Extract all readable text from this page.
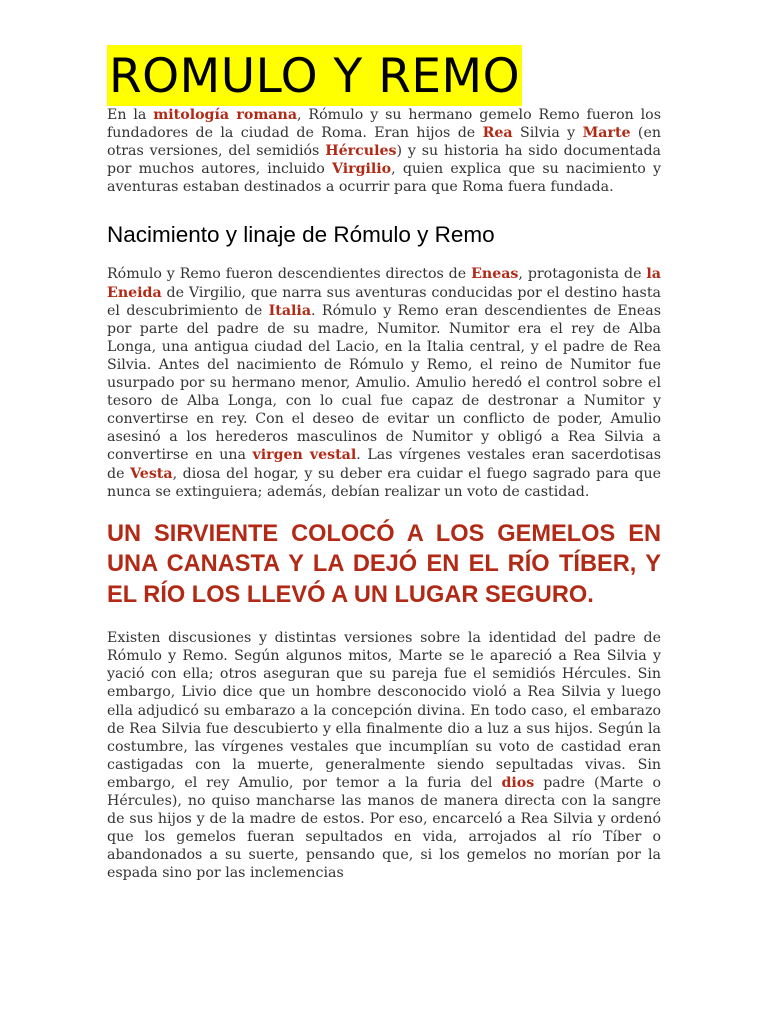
ROMULO Y REMO

En la mitología romana, Rómulo y su hermano gemelo Remo fueron los fundadores de la ciudad de Roma. Eran hijos de Rea Silvia y Marte (en otras versiones, del semidiós Hércules) y su historia ha sido documentada por muchos autores, incluido Virgilio, quien explica que su nacimiento y aventuras estaban destinados a ocurrir para que Roma fuera fundada.

Nacimiento y linaje de Rómulo y Remo

Rómulo y Remo fueron descendientes directos de Eneas, protagonista de la Eneida de Virgilio, que narra sus aventuras conducidas por el destino hasta el descubrimiento de Italia. Rómulo y Remo eran descendientes de Eneas por parte del padre de su madre, Numitor. Numitor era el rey de Alba Longa, una antigua ciudad del Lacio, en la Italia central, y el padre de Rea Silvia. Antes del nacimiento de Rómulo y Remo, el reino de Numitor fue usurpado por su hermano menor, Amulio. Amulio heredó el control sobre el tesoro de Alba Longa, con lo cual fue capaz de destronar a Numitor y convertirse en rey. Con el deseo de evitar un conflicto de poder, Amulio asesinó a los herederos masculinos de Numitor y obligó a Rea Silvia a convertirse en una virgen vestal. Las vírgenes vestales eran sacerdotisas de Vesta, diosa del hogar, y su deber era cuidar el fuego sagrado para que nunca se extinguiera; además, debían realizar un voto de castidad.

UN SIRVIENTE COLOCÓ A LOS GEMELOS EN UNA CANASTA Y LA DEJÓ EN EL RÍO TÍBER, Y EL RÍO LOS LLEVÓ A UN LUGAR SEGURO.

Existen discusiones y distintas versiones sobre la identidad del padre de Rómulo y Remo. Según algunos mitos, Marte se le apareció a Rea Silvia y yació con ella; otros aseguran que su pareja fue el semidiós Hércules. Sin embargo, Livio dice que un hombre desconocido violó a Rea Silvia y luego ella adjudicó su embarazo a la concepción divina. En todo caso, el embarazo de Rea Silvia fue descubierto y ella finalmente dio a luz a sus hijos. Según la costumbre, las vírgenes vestales que incumplían su voto de castidad eran castigadas con la muerte, generalmente siendo sepultadas vivas. Sin embargo, el rey Amulio, por temor a la furia del dios padre (Marte o Hércules), no quiso mancharse las manos de manera directa con la sangre de sus hijos y de la madre de estos. Por eso, encarceló a Rea Silvia y ordenó que los gemelos fueran sepultados en vida, arrojados al río Tíber o abandonados a su suerte, pensando que, si los gemelos no morían por la espada sino por las inclemencias
